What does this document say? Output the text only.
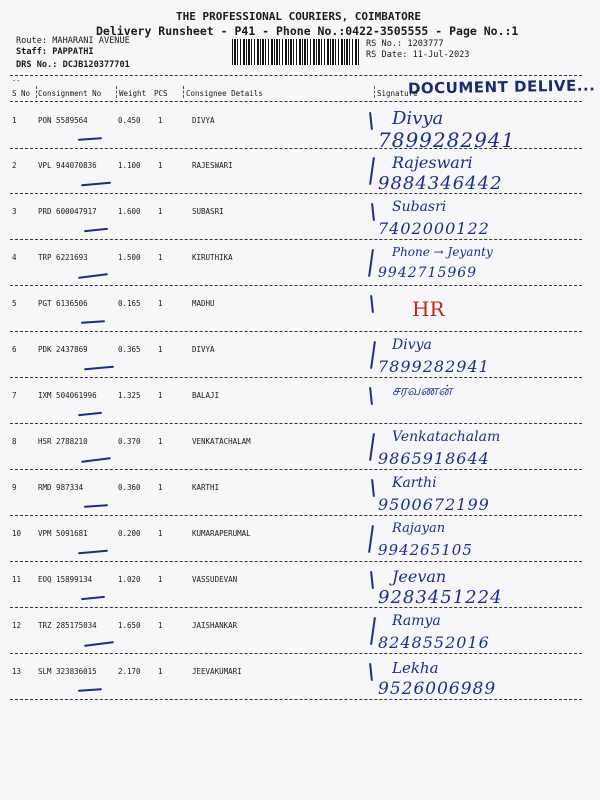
THE PROFESSIONAL COURIERS, COIMBATORE
Delivery Runsheet - P41 - Phone No.:0422-3505555 - Page No.:1
Route: MAHARANI AVENUE
Staff: PAPPATHI
DRS No.: DCJB120377701
RS No.: 1203777
RS Date: 11-Jul-2023
DOCUMENT DELIVE...
--
S No Consignment No Weight PCS Consignee Details	Signature
1	PON 5589564	0.450 1	DIVYA	Divya
7899282941
2	VPL 944070836	1.100 1	RAJESWARI	Rajeswari
9884346442
3	PRD 600047917	1.600 1	SUBASRI	Subasri
7402000122
4	TRP 6221693	1.500 1	KIRUTHIKA	Phone → Jeyanty
9942715969
5	PGT 6136506	0.165 1	MADHU	HR
6	PDK 2437869	0.365 1	DIVYA	Divya
7899282941
7	IXM 504061996	1.325 1	BALAJI	சரவணன்
8	HSR 2788210	0.370 1	VENKATACHALAM	Venkatachalam
9865918644
9	RMD 987334	0.360 1	KARTHI	Karthi
9500672199
10 VPM 5091681	0.200 1	KUMARAPERUMAL	Rajayan
994265105
11 EOQ 15899134	1.020 1	VASSUDEVAN	Jeevan
9283451224
12 TRZ 285175034	1.650 1	JAISHANKAR	Ramya
8248552016
13 SLM 323836015	2.170 1	JEEVAKUMARI	Lekha
9526006989
